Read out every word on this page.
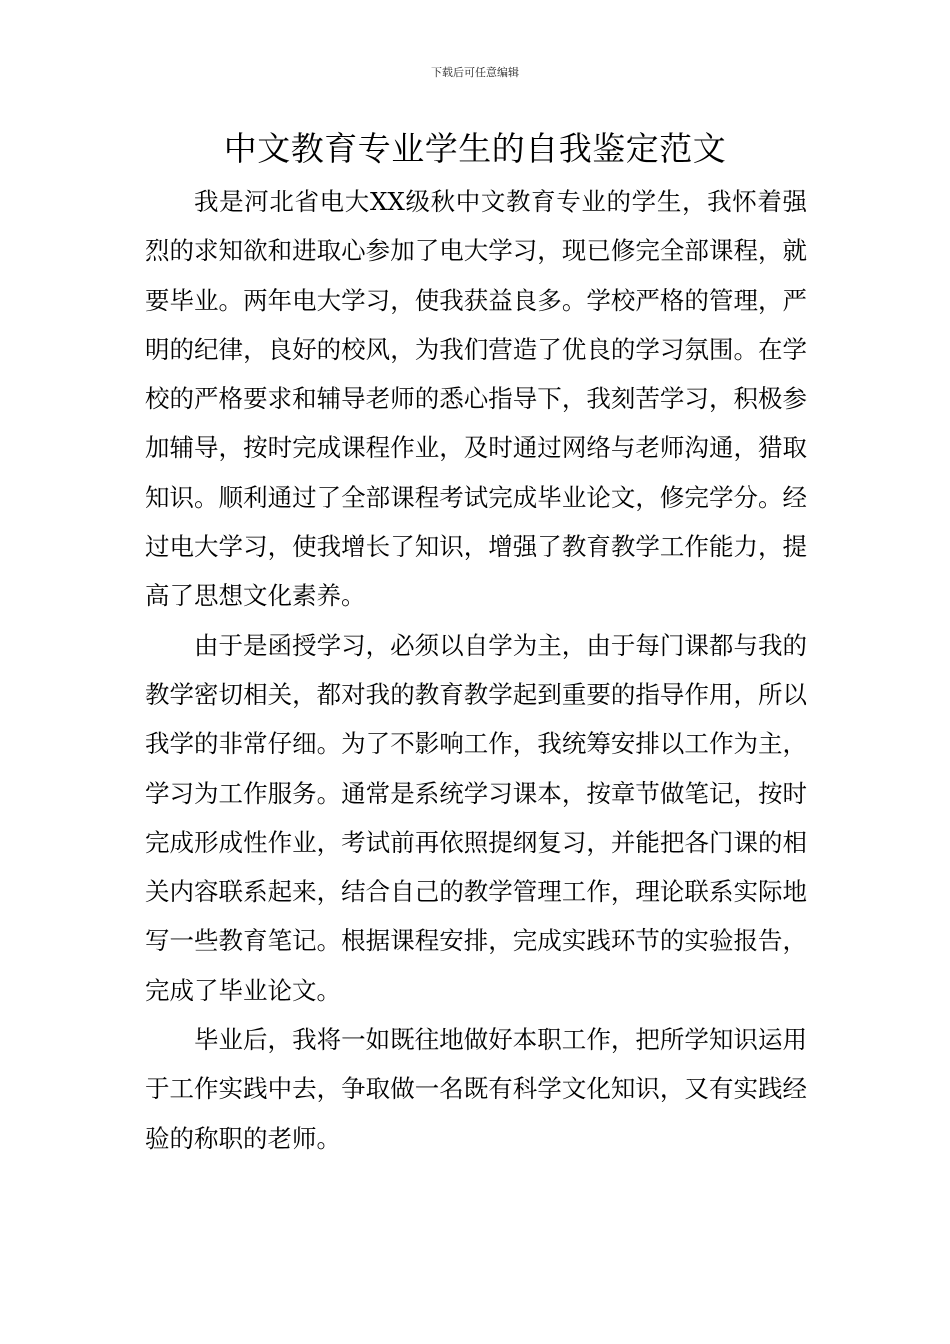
下载后可任意编辑
中文教育专业学生的自我鉴定范文

我是河北省电大XX级秋中文教育专业的学生，我怀着强烈的求知欲和进取心参加了电大学习，现已修完全部课程，就要毕业。两年电大学习，使我获益良多。学校严格的管理，严明的纪律，良好的校风，为我们营造了优良的学习氛围。在学校的严格要求和辅导老师的悉心指导下，我刻苦学习，积极参加辅导，按时完成课程作业，及时通过网络与老师沟通，猎取知识。顺利通过了全部课程考试完成毕业论文，修完学分。经过电大学习，使我增长了知识，增强了教育教学工作能力，提高了思想文化素养。

由于是函授学习，必须以自学为主，由于每门课都与我的教学密切相关，都对我的教育教学起到重要的指导作用，所以我学的非常仔细。为了不影响工作，我统筹安排以工作为主，学习为工作服务。通常是系统学习课本，按章节做笔记，按时完成形成性作业，考试前再依照提纲复习，并能把各门课的相关内容联系起来，结合自己的教学管理工作，理论联系实际地写一些教育笔记。根据课程安排，完成实践环节的实验报告，完成了毕业论文。

毕业后，我将一如既往地做好本职工作，把所学知识运用于工作实践中去，争取做一名既有科学文化知识，又有实践经验的称职的老师。
